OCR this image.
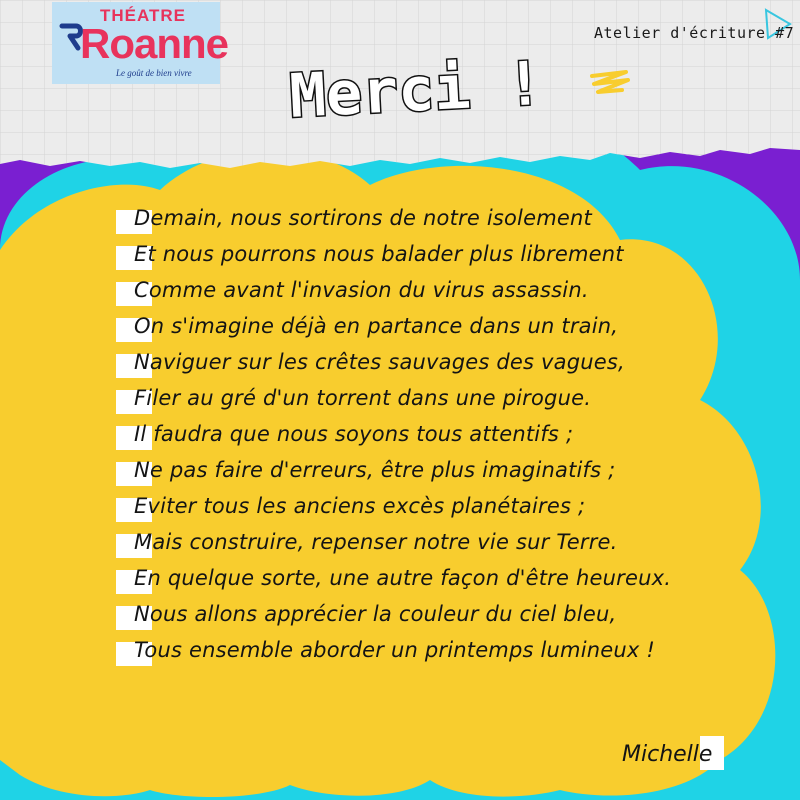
THÉATRE
Roanne
Le goût de bien vivre
Atelier d'écriture #7
Merci !
Demain, nous sortirons de notre isolement
Et nous pourrons nous balader plus librement
Comme avant l'invasion du virus assassin.
On s'imagine déjà en partance dans un train,
Naviguer sur les crêtes sauvages des vagues,
Filer au gré d'un torrent dans une pirogue.
Il faudra que nous soyons tous attentifs ;
Ne pas faire d'erreurs, être plus imaginatifs ;
Eviter tous les anciens excès planétaires ;
Mais construire, repenser notre vie sur Terre.
En quelque sorte, une autre façon d'être heureux.
Nous allons apprécier la couleur du ciel bleu,
Tous ensemble aborder un printemps lumineux !
Michelle
